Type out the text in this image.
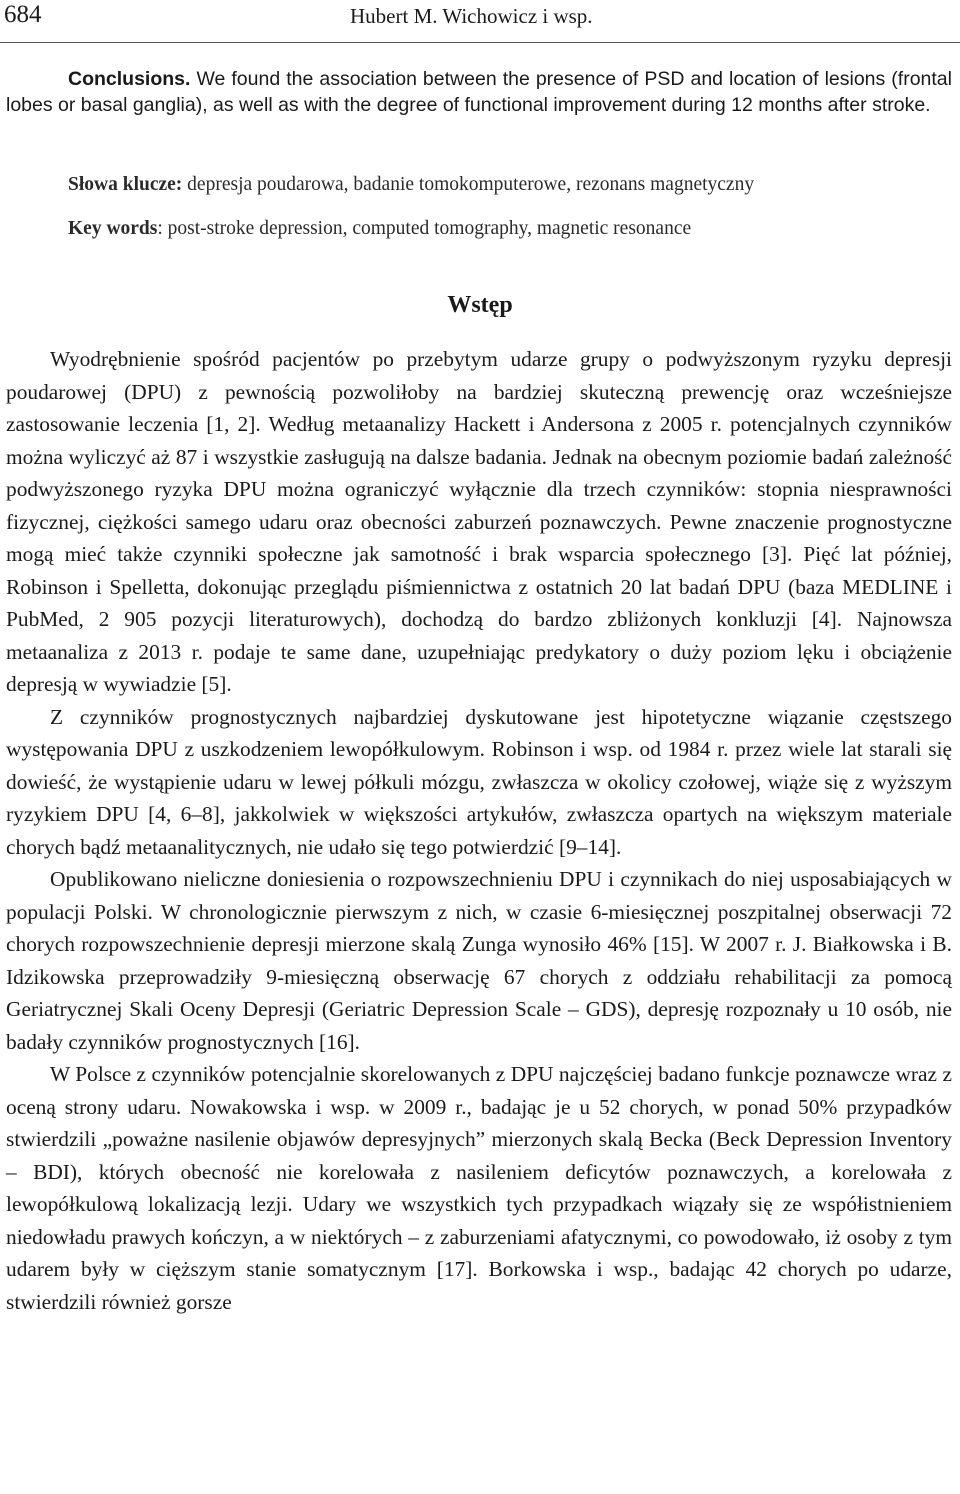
684	Hubert M. Wichowicz i wsp.
Conclusions. We found the association between the presence of PSD and location of lesions (frontal lobes or basal ganglia), as well as with the degree of functional improvement during 12 months after stroke.
Słowa klucze: depresja poudarowa, badanie tomokomputerowe, rezonans magnetyczny
Key words: post-stroke depression, computed tomography, magnetic resonance
Wstęp

Wyodrębnienie spośród pacjentów po przebytym udarze grupy o podwyższonym ryzyku depresji poudarowej (DPU) z pewnością pozwoliłoby na bardziej skuteczną prewencję oraz wcześniejsze zastosowanie leczenia [1, 2]. Według metaanalizy Hackett i Andersona z 2005 r. potencjalnych czynników można wyliczyć aż 87 i wszystkie zasługują na dalsze badania. Jednak na obecnym poziomie badań zależność podwyższonego ryzyka DPU można ograniczyć wyłącznie dla trzech czynników: stopnia niesprawności fizycznej, ciężkości samego udaru oraz obecności zaburzeń poznawczych. Pewne znaczenie prognostyczne mogą mieć także czynniki społeczne jak samotność i brak wsparcia społecznego [3]. Pięć lat później, Robinson i Spelletta, dokonując przeglądu piśmiennictwa z ostatnich 20 lat badań DPU (baza MEDLINE i PubMed, 2 905 pozycji literaturowych), dochodzą do bardzo zbliżonych konkluzji [4]. Najnowsza metaanaliza z 2013 r. podaje te same dane, uzupełniając predykatory o duży poziom lęku i obciążenie depresją w wywiadzie [5].

Z czynników prognostycznych najbardziej dyskutowane jest hipotetyczne wiązanie częstszego występowania DPU z uszkodzeniem lewopółkulowym. Robinson i wsp. od 1984 r. przez wiele lat starali się dowieść, że wystąpienie udaru w lewej półkuli mózgu, zwłaszcza w okolicy czołowej, wiąże się z wyższym ryzykiem DPU [4, 6–8], jakkolwiek w większości artykułów, zwłaszcza opartych na większym materiale chorych bądź metaanalitycznych, nie udało się tego potwierdzić [9–14].

Opublikowano nieliczne doniesienia o rozpowszechnieniu DPU i czynnikach do niej usposabiających w populacji Polski. W chronologicznie pierwszym z nich, w czasie 6-miesięcznej poszpitalnej obserwacji 72 chorych rozpowszechnienie depresji mierzone skalą Zunga wynosiło 46% [15]. W 2007 r. J. Białkowska i B. Idzikowska przeprowadziły 9-miesięczną obserwację 67 chorych z oddziału rehabilitacji za pomocą Geriatrycznej Skali Oceny Depresji (Geriatric Depression Scale – GDS), depresję rozpoznały u 10 osób, nie badały czynników prognostycznych [16].

W Polsce z czynników potencjalnie skorelowanych z DPU najczęściej badano funkcje poznawcze wraz z oceną strony udaru. Nowakowska i wsp. w 2009 r., badając je u 52 chorych, w ponad 50% przypadków stwierdzili „poważne nasilenie objawów depresyjnych” mierzonych skalą Becka (Beck Depression Inventory – BDI), których obecność nie korelowała z nasileniem deficytów poznawczych, a korelowała z lewopółkulową lokalizacją lezji. Udary we wszystkich tych przypadkach wiązały się ze współistnieniem niedowładu prawych kończyn, a w niektórych – z zaburzeniami afatycznymi, co powodowało, iż osoby z tym udarem były w cięższym stanie somatycznym [17]. Borkowska i wsp., badając 42 chorych po udarze, stwierdzili również gorsze
